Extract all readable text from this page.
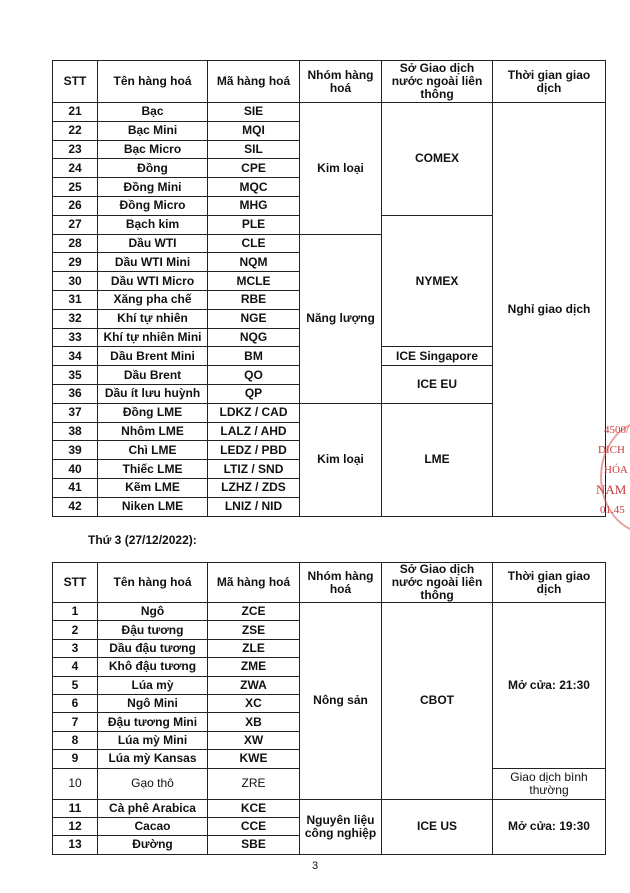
STT	Tên hàng hoá	Mã hàng hoá	Nhóm hàng hoá	Sở Giao dịch nước ngoài liên thông	Thời gian giao dịch
21	Bạc	SIE	Kim loại	COMEX	Nghỉ giao dịch
22	Bạc Mini	MQI			
23	Bạc Micro	SIL			
24	Đồng	CPE			
25	Đồng Mini	MQC			
26	Đồng Micro	MHG			
27	Bạch kim	PLE		NYMEX	
28	Dầu WTI	CLE	Năng lượng		
29	Dầu WTI Mini	NQM			
30	Dầu WTI Micro	MCLE			
31	Xăng pha chế	RBE			
32	Khí tự nhiên	NGE			
33	Khí tự nhiên Mini	NQG			
34	Dầu Brent Mini	BM		ICE Singapore	
35	Dầu Brent	QO		ICE EU	
36	Dầu ít lưu huỳnh	QP			
37	Đồng LME	LDKZ / CAD	Kim loại	LME	
38	Nhôm LME	LALZ / AHD			
39	Chì LME	LEDZ / PBD			
40	Thiếc LME	LTIZ / SND			
41	Kẽm LME	LZHZ / ZDS			
42	Niken LME	LNIZ / NID			
Thứ 3 (27/12/2022):
STT	Tên hàng hoá	Mã hàng hoá	Nhóm hàng hoá	Sở Giao dịch nước ngoài liên thông	Thời gian giao dịch
1	Ngô	ZCE	Nông sản	CBOT	Mở cửa: 21:30
2	Đậu tương	ZSE			
3	Dầu đậu tương	ZLE			
4	Khô đậu tương	ZME			
5	Lúa mỳ	ZWA			
6	Ngô Mini	XC			
7	Đậu tương Mini	XB			
8	Lúa mỳ Mini	XW			
9	Lúa mỳ Kansas	KWE			
10	Gạo thô	ZRE			Giao dịch bình thường
11	Cà phê Arabica	KCE	Nguyên liệu công nghiệp	ICE US	Mở cửa: 19:30
12	Cacao	CCE			
13	Đường	SBE			
3
4500/
DICH
HÓA
NAM
01.45
